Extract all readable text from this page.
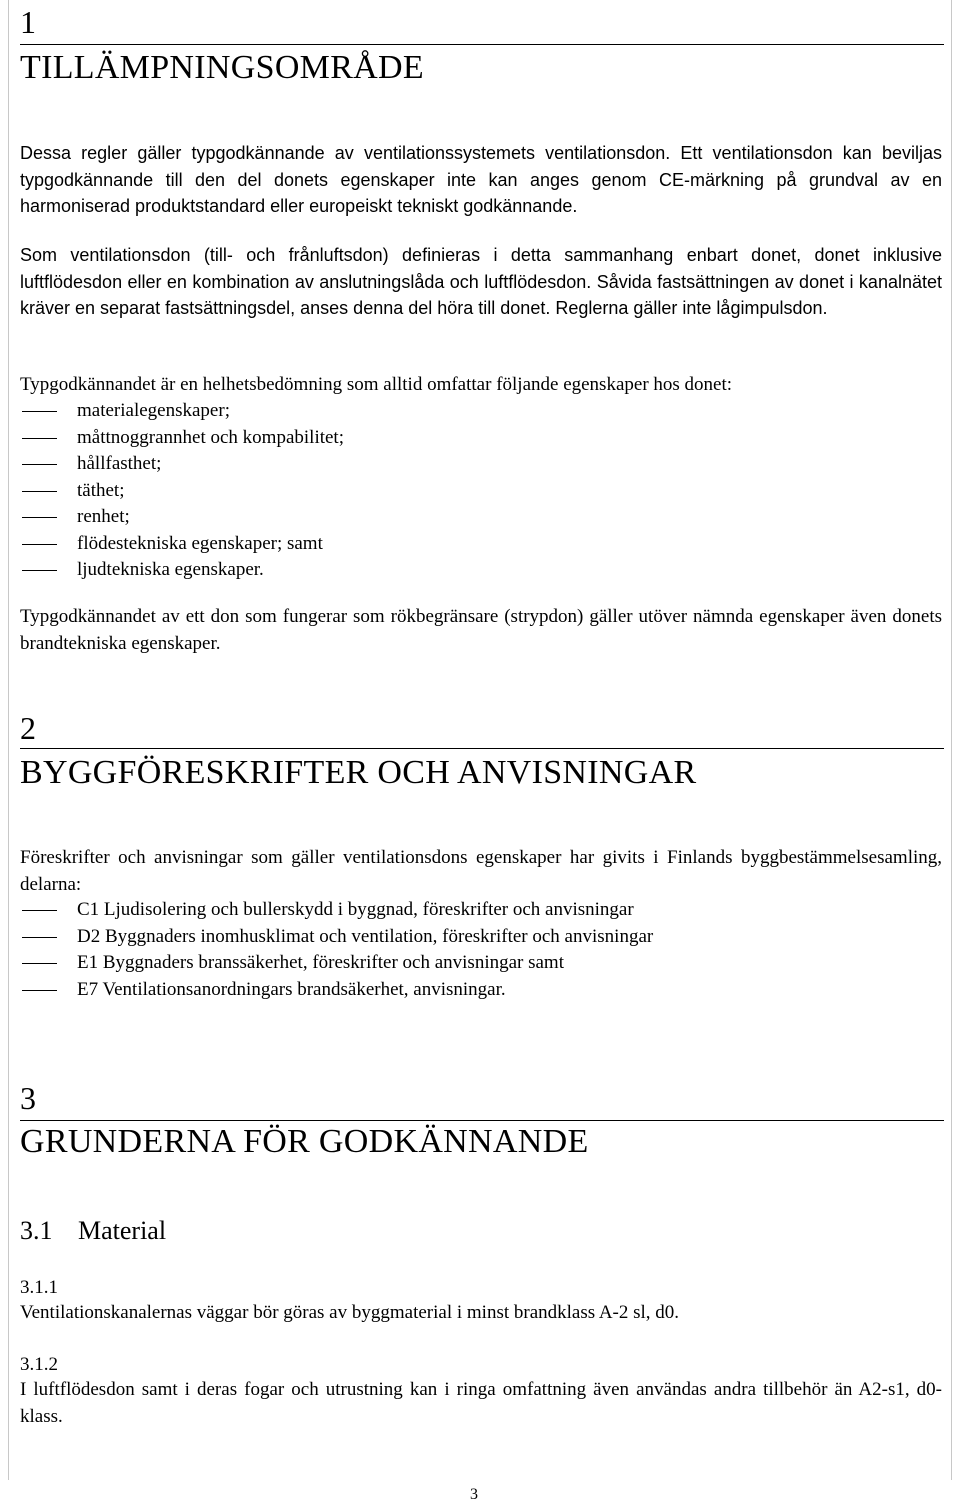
1
TILLÄMPNINGSOMRÅDE
Dessa regler gäller typgodkännande av ventilationssystemets ventilationsdon. Ett ventilationsdon kan beviljas typgodkännande till den del donets egenskaper inte kan anges genom CE-märkning på grundval av en harmoniserad produktstandard eller europeiskt tekniskt godkännande.
Som ventilationsdon (till- och frånluftsdon) definieras i detta sammanhang enbart donet, donet inklusive luftflödesdon eller en kombination av anslutningslåda och luftflödesdon. Såvida fastsättningen av donet i kanalnätet kräver en separat fastsättningsdel, anses denna del höra till donet. Reglerna gäller inte lågimpulsdon.
Typgodkännandet är en helhetsbedömning som alltid omfattar följande egenskaper hos donet:
materialegenskaper;
måttnoggrannhet och kompabilitet;
hållfasthet;
täthet;
renhet;
flödestekniska egenskaper; samt
ljudtekniska egenskaper.
Typgodkännandet av ett don som fungerar som rökbegränsare (strypdon) gäller utöver nämnda egenskaper även donets brandtekniska egenskaper.
2
BYGGFÖRESKRIFTER OCH ANVISNINGAR
Föreskrifter och anvisningar som gäller ventilationsdons egenskaper har givits i Finlands byggbestämmelsesamling, delarna:
C1 Ljudisolering och bullerskydd i byggnad, föreskrifter och anvisningar
D2 Byggnaders inomhusklimat och ventilation, föreskrifter och anvisningar
E1 Byggnaders branssäkerhet, föreskrifter och anvisningar samt
E7 Ventilationsanordningars brandsäkerhet, anvisningar.
3
GRUNDERNA FÖR GODKÄNNANDE
3.1 Material
3.1.1
Ventilationskanalernas väggar bör göras av byggmaterial i minst brandklass A-2 sl, d0.
3.1.2
I luftflödesdon samt i deras fogar och utrustning kan i ringa omfattning även användas andra tillbehör än A2-s1, d0-klass.
3
